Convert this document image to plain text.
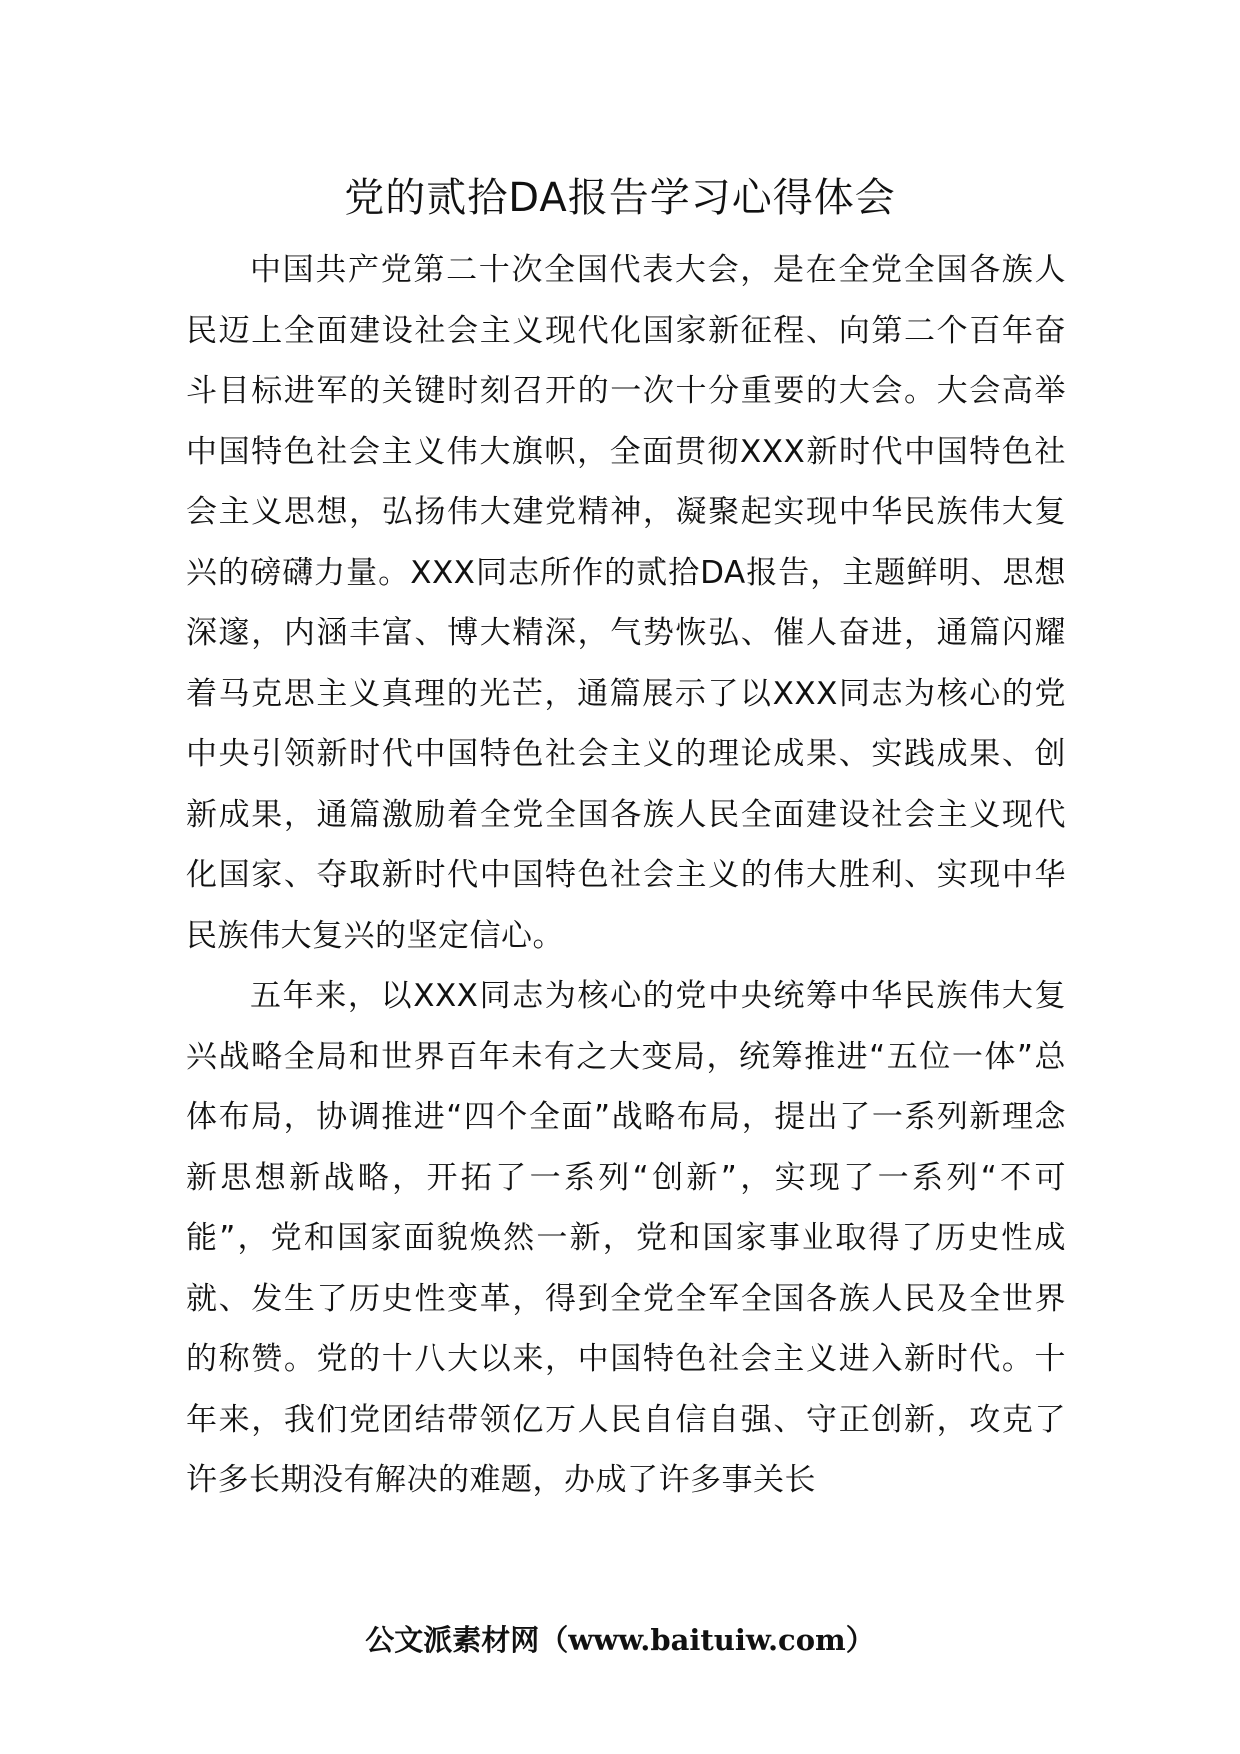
党的贰拾DA报告学习心得体会

中国共产党第二十次全国代表大会，是在全党全国各族人民迈上全面建设社会主义现代化国家新征程、向第二个百年奋斗目标进军的关键时刻召开的一次十分重要的大会。大会高举中国特色社会主义伟大旗帜，全面贯彻XXX新时代中国特色社会主义思想，弘扬伟大建党精神，凝聚起实现中华民族伟大复兴的磅礴力量。XXX同志所作的贰拾DA报告，主题鲜明、思想深邃，内涵丰富、博大精深，气势恢弘、催人奋进，通篇闪耀着马克思主义真理的光芒，通篇展示了以XXX同志为核心的党中央引领新时代中国特色社会主义的理论成果、实践成果、创新成果，通篇激励着全党全国各族人民全面建设社会主义现代化国家、夺取新时代中国特色社会主义的伟大胜利、实现中华民族伟大复兴的坚定信心。

五年来，以XXX同志为核心的党中央统筹中华民族伟大复兴战略全局和世界百年未有之大变局，统筹推进“五位一体”总体布局，协调推进“四个全面”战略布局，提出了一系列新理念新思想新战略，开拓了一系列“创新”，实现了一系列“不可能”，党和国家面貌焕然一新，党和国家事业取得了历史性成就、发生了历史性变革，得到全党全军全国各族人民及全世界的称赞。党的十八大以来，中国特色社会主义进入新时代。十年来，我们党团结带领亿万人民自信自强、守正创新，攻克了许多长期没有解决的难题，办成了许多事关长

公文派素材网（www.baituiw.com）
